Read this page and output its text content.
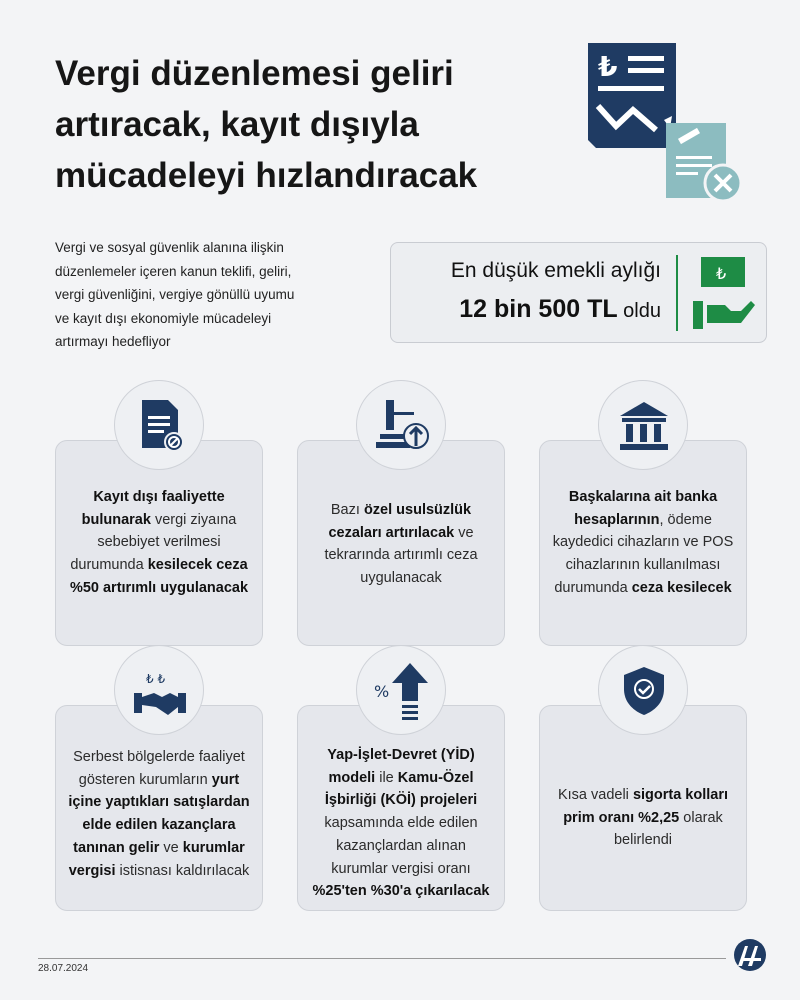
Vergi düzenlemesi geliri
artıracak, kayıt dışıyla
mücadeleyi hızlandıracak
₺
Vergi ve sosyal güvenlik alanına ilişkin
düzenlemeler içeren kanun teklifi, geliri,
vergi güvenliğini, vergiye gönüllü uyumu
ve kayıt dışı ekonomiyle mücadeleyi
artırmayı hedefliyor
En düşük emekli aylığı
12 bin 500 TL oldu
₺
Kayıt dışı faaliyette bulunarak vergi ziyaına sebebiyet verilmesi durumunda kesilecek ceza %50 artırımlı uygulanacak
Bazı özel usulsüzlük cezaları artırılacak ve tekrarında artırımlı ceza uygulanacak
Başkalarına ait banka hesaplarının, ödeme kaydedici cihazların ve POS cihazlarının kullanılması durumunda ceza kesilecek
Serbest bölgelerde faaliyet gösteren kurumların yurt içine yaptıkları satışlardan elde edilen kazançlara tanınan gelir ve kurumlar vergisi istisnası kaldırılacak
₺ ₺
Yap-İşlet-Devret (YİD) modeli ile Kamu-Özel İşbirliği (KÖİ) projeleri kapsamında elde edilen kazançlardan alınan kurumlar vergisi oranı %25'ten %30'a çıkarılacak
%
Kısa vadeli sigorta kolları prim oranı %2,25 olarak belirlendi
28.07.2024
